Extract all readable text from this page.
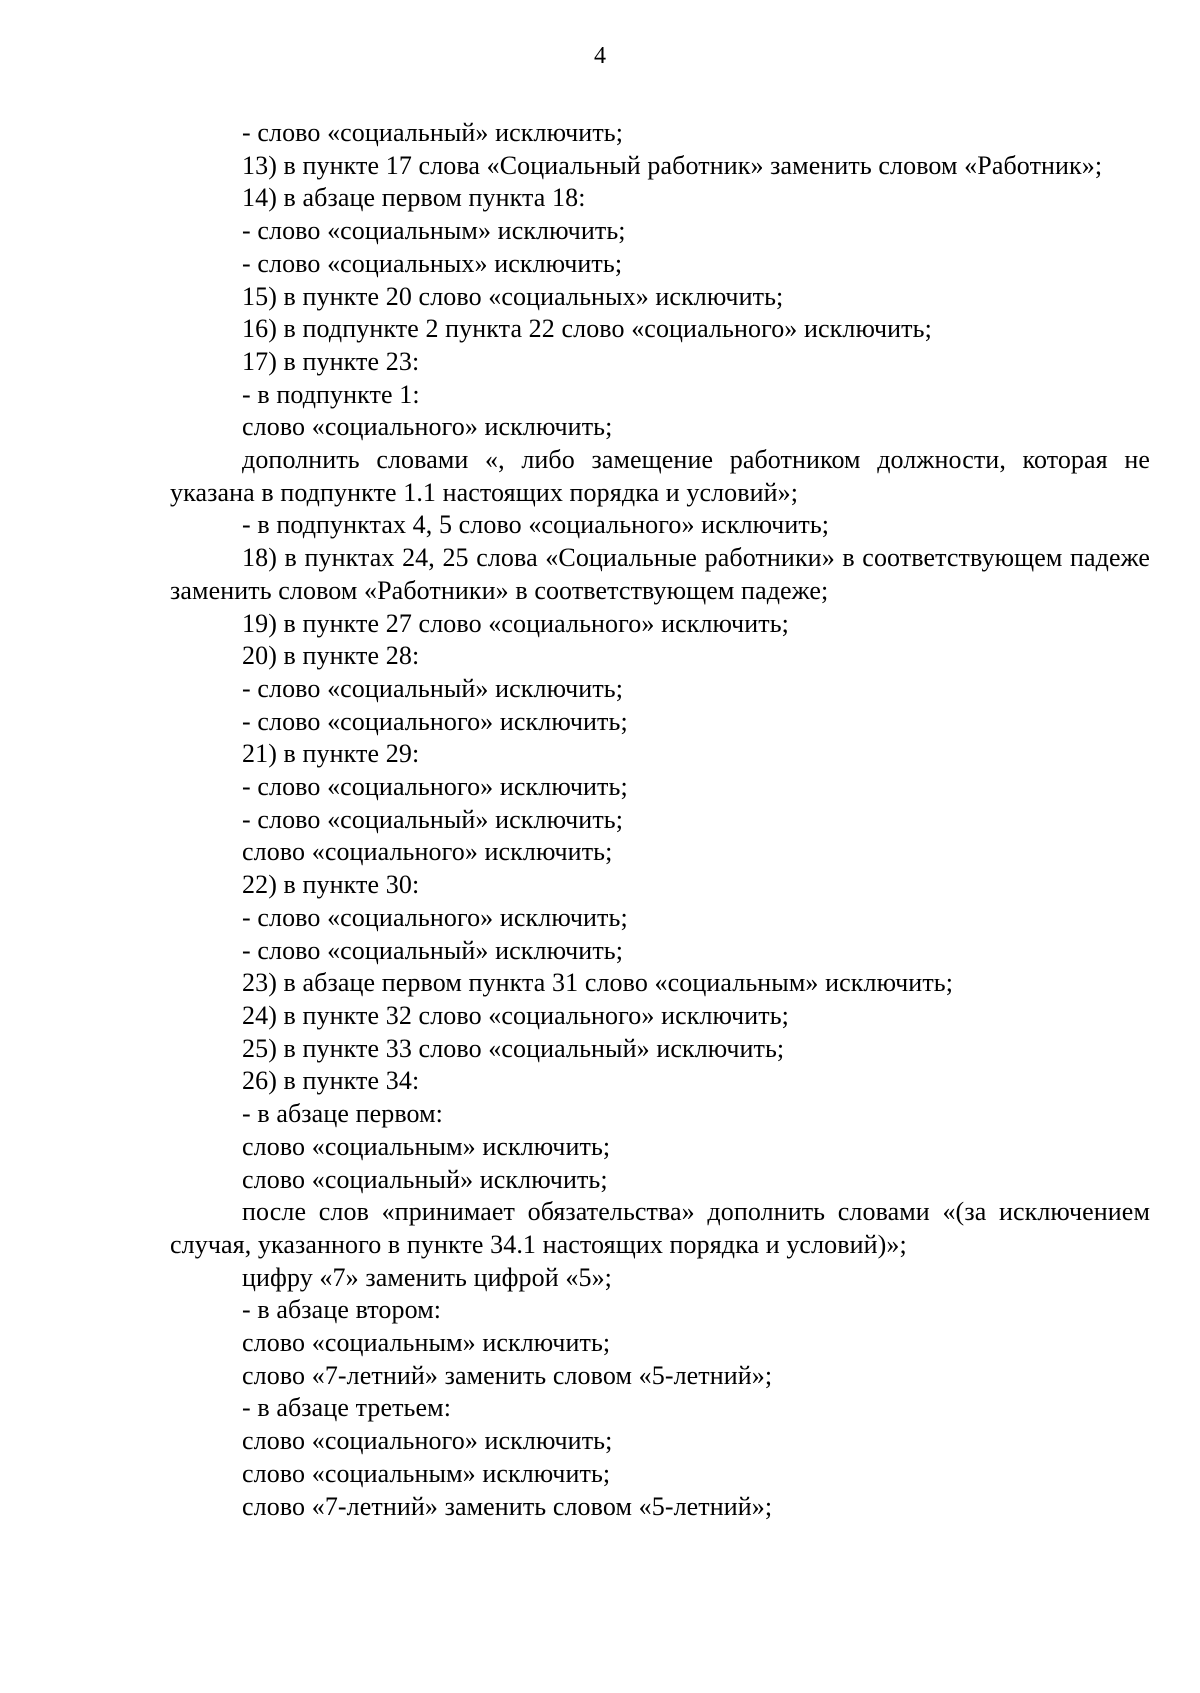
4

- слово «социальный» исключить;

13) в пункте 17 слова «Социальный работник» заменить словом «Работник»;

14) в абзаце первом пункта 18:

- слово «социальным» исключить;

- слово «социальных» исключить;

15) в пункте 20 слово «социальных» исключить;

16) в подпункте 2 пункта 22 слово «социального» исключить;

17) в пункте 23:

- в подпункте 1:

слово «социального» исключить;

дополнить словами «, либо замещение работником должности, которая не указана в подпункте 1.1 настоящих порядка и условий»;

- в подпунктах 4, 5 слово «социального» исключить;

18) в пунктах 24, 25 слова «Социальные работники» в соответствующем падеже заменить словом «Работники» в соответствующем падеже;

19) в пункте 27 слово «социального» исключить;

20) в пункте 28:

- слово «социальный» исключить;

- слово «социального» исключить;

21) в пункте 29:

- слово «социального» исключить;

- слово «социальный» исключить;

слово «социального» исключить;

22) в пункте 30:

- слово «социального» исключить;

- слово «социальный» исключить;

23) в абзаце первом пункта 31 слово «социальным» исключить;

24) в пункте 32 слово «социального» исключить;

25) в пункте 33 слово «социальный» исключить;

26) в пункте 34:

- в абзаце первом:

слово «социальным» исключить;

слово «социальный» исключить;

после слов «принимает обязательства» дополнить словами «(за исключением случая, указанного в пункте 34.1 настоящих порядка и условий)»;

цифру «7» заменить цифрой «5»;

- в абзаце втором:

слово «социальным» исключить;

слово «7-летний» заменить словом «5-летний»;

- в абзаце третьем:

слово «социального» исключить;

слово «социальным» исключить;

слово «7-летний» заменить словом «5-летний»;
